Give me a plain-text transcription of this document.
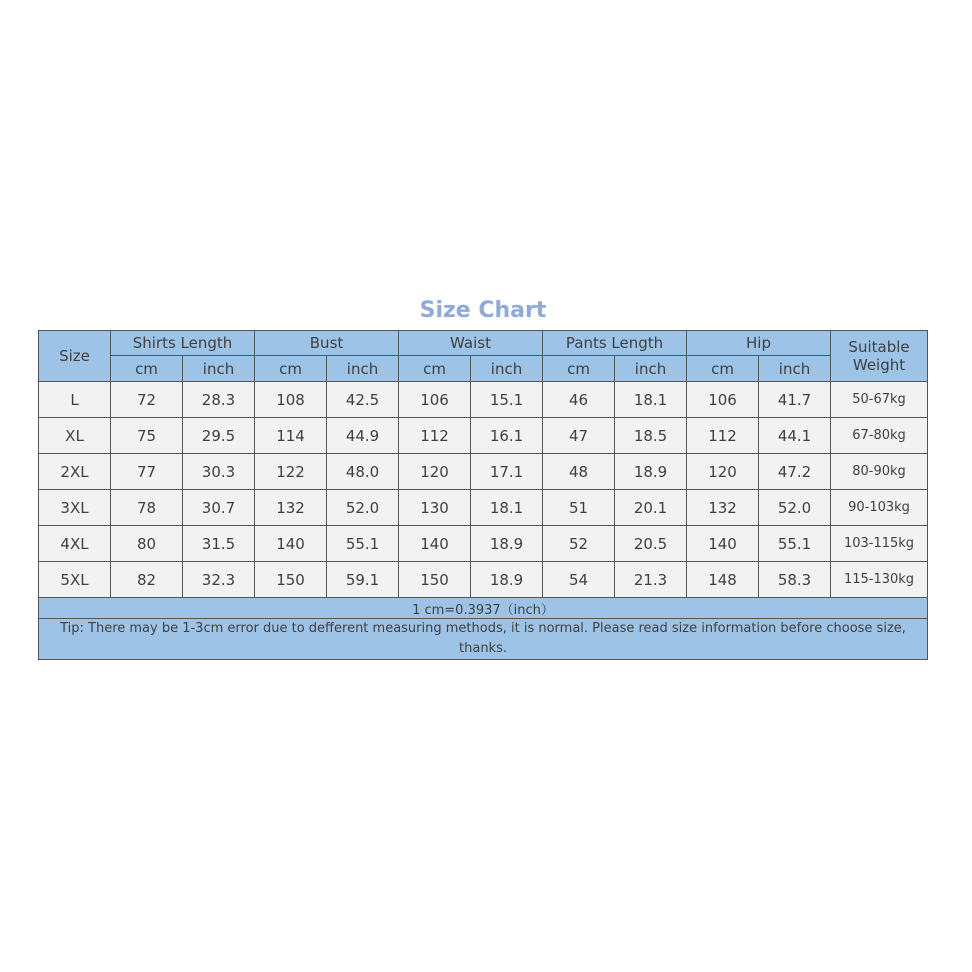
Size Chart
Size	Shirts Length		Bust		Waist		Pants Length		Hip		Suitable Weight
	cm	inch	cm	inch	cm	inch	cm	inch	cm	inch	
L	72	28.3	108	42.5	106	15.1	46	18.1	106	41.7	50-67kg
XL	75	29.5	114	44.9	112	16.1	47	18.5	112	44.1	67-80kg
2XL	77	30.3	122	48.0	120	17.1	48	18.9	120	47.2	80-90kg
3XL	78	30.7	132	52.0	130	18.1	51	20.1	132	52.0	90-103kg
4XL	80	31.5	140	55.1	140	18.9	52	20.5	140	55.1	103-115kg
5XL	82	32.3	150	59.1	150	18.9	54	21.3	148	58.3	115-130kg
1 cm=0.3937（inch）											
Tip: There may be 1-3cm error due to defferent measuring methods, it is normal. Please read size information before choose size, thanks.											
